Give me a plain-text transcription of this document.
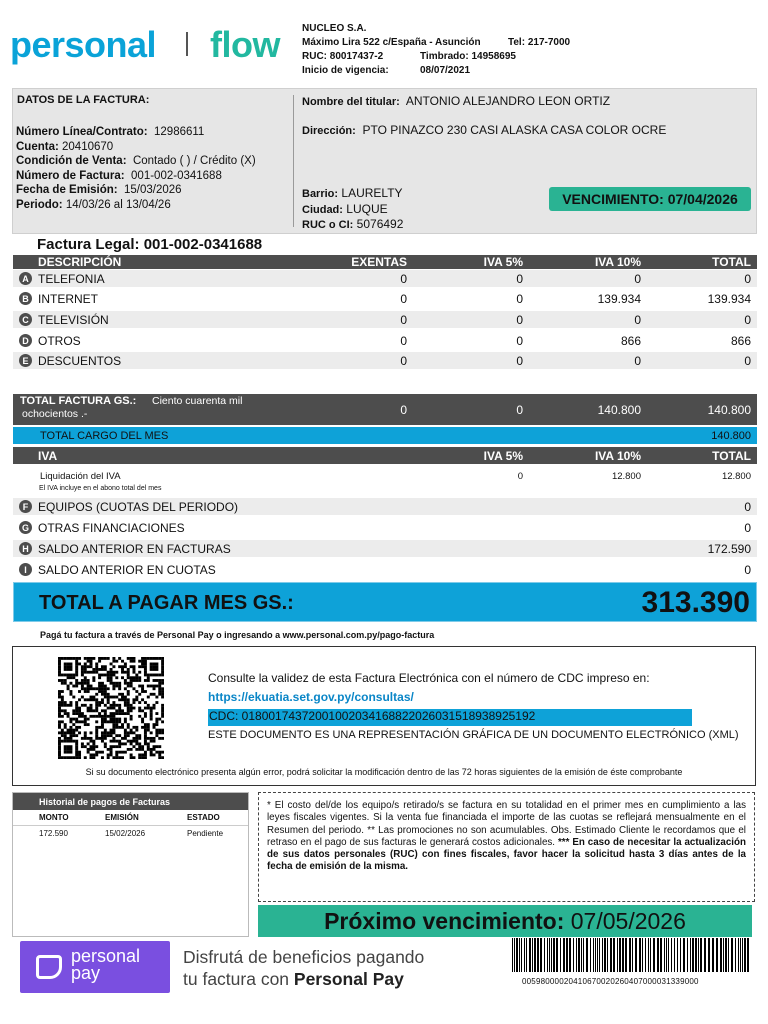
personal flow NUCLEO S.A.
Máximo Lira 522 c/España - Asunción	Tel: 217-7000
RUC: 80017437-2	Timbrado: 14958695
Inicio de vigencia:	08/07/2021
DATOS DE LA FACTURA:
Número Línea/Contrato: 12986611
Cuenta: 20410670
Condición de Venta: Contado ( ) / Crédito (X)
Número de Factura: 001-002-0341688
Fecha de Emisión: 15/03/2026
Periodo: 14/03/26 al 13/04/26
Nombre del titular: ANTONIO ALEJANDRO LEON ORTIZ
Dirección: PTO PINAZCO 230 CASI ALASKA CASA COLOR OCRE
Barrio: LAURELTY
Ciudad: LUQUE
RUC o CI: 5076492
VENCIMIENTO: 07/04/2026
Factura Legal: 001-002-0341688
DESCRIPCIÓN	EXENTAS	IVA 5%	IVA 10%	TOTAL
A TELEFONIA	0	0	0	0
B INTERNET	0	0	139.934	139.934
C TELEVISIÓN	0	0	0	0
D OTROS	0	0	866	866
E DESCUENTOS	0	0	0	0
TOTAL FACTURA GS.: Ciento cuarenta mil
ochocientos .-	0	0	140.800	140.800
TOTAL CARGO DEL MES	140.800
IVA	IVA 5%	IVA 10%	TOTAL
Liquidación del IVA	0	12.800	12.800
El IVA incluye en el abono total del mes
F EQUIPOS (CUOTAS DEL PERIODO)	0
G OTRAS FINANCIACIONES	0
H SALDO ANTERIOR EN FACTURAS	172.590
I SALDO ANTERIOR EN CUOTAS	0
TOTAL A PAGAR MES GS.:	313.390
Pagá tu factura a través de Personal Pay o ingresando a www.personal.com.py/pago-factura
Consulte la validez de esta Factura Electrónica con el número de CDC impreso en:
https://ekuatia.set.gov.py/consultas/
CDC: 01800174372001002034168822026031518938925192
ESTE DOCUMENTO ES UNA REPRESENTACIÓN GRÁFICA DE UN DOCUMENTO ELECTRÓNICO (XML)
Si su documento electrónico presenta algún error, podrá solicitar la modificación dentro de las 72 horas siguientes de la emisión de éste comprobante
Historial de pagos de Facturas
MONTO	EMISIÓN	ESTADO
172.590	15/02/2026	Pendiente
* El costo del/de los equipo/s retirado/s se factura en su totalidad en el primer mes en cumplimiento a las leyes fiscales vigentes. Si la venta fue financiada el importe de las cuotas se reflejará mensualmente en el Resumen del periodo. ** Las promociones no son acumulables. Obs. Estimado Cliente le recordamos que el retraso en el pago de sus facturas le generará costos adicionales. *** En caso de necesitar la actualización de sus datos personales (RUC) con fines fiscales, favor hacer la solicitud hasta 3 días antes de la fecha de emisión de la misma.
Próximo vencimiento:
07/05/2026
personal
pay
Disfrutá de beneficios pagando
tu factura con Personal Pay	00598000020410670020260407000031339000
